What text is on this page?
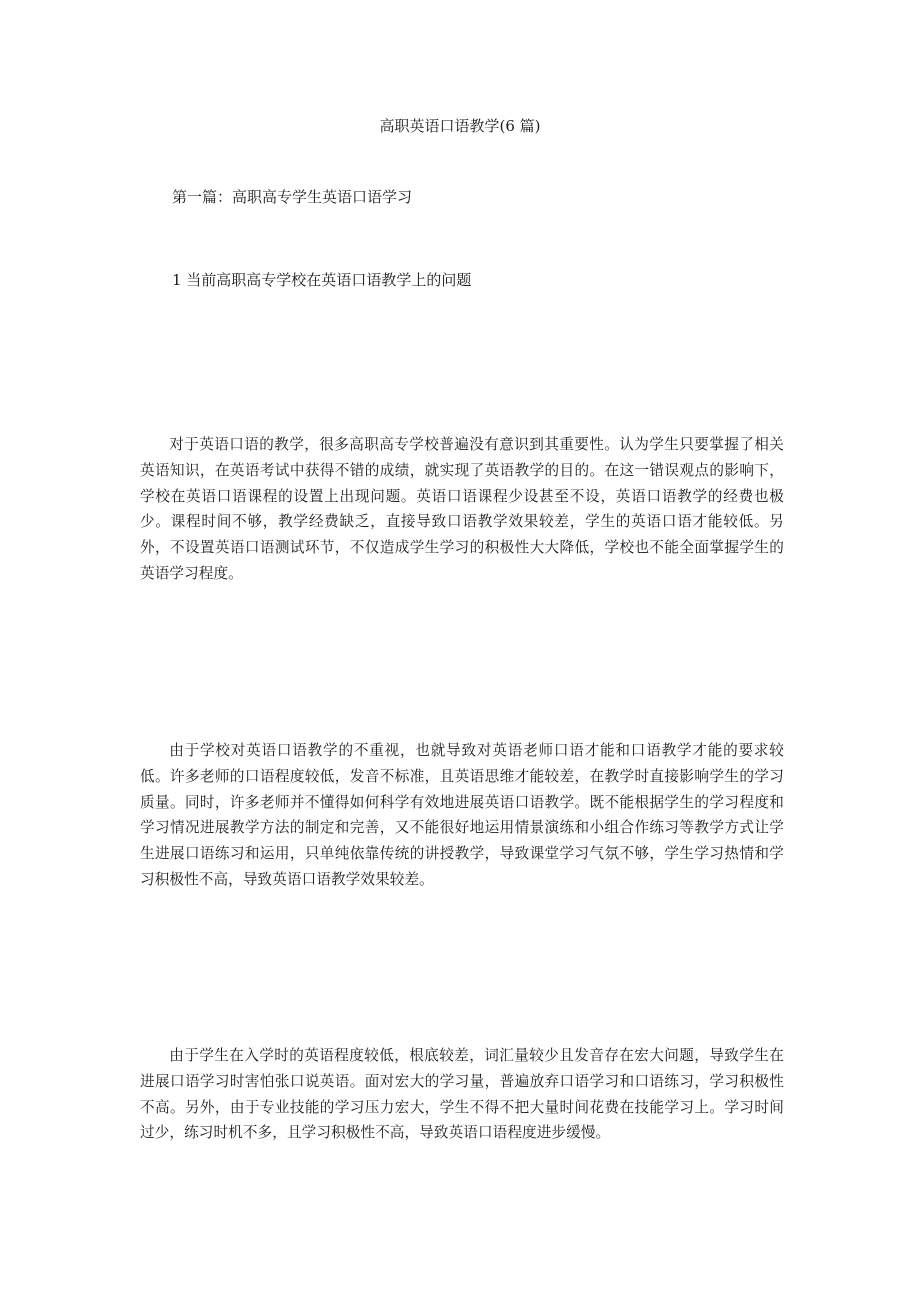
高职英语口语教学(6 篇)
第一篇：高职高专学生英语口语学习
1 当前高职高专学校在英语口语教学上的问题

对于英语口语的教学，很多高职高专学校普遍没有意识到其重要性。认为学生只要掌握了相关英语知识，在英语考试中获得不错的成绩，就实现了英语教学的目的。在这一错误观点的影响下，学校在英语口语课程的设置上出现问题。英语口语课程少设甚至不设，英语口语教学的经费也极少。课程时间不够，教学经费缺乏，直接导致口语教学效果较差，学生的英语口语才能较低。另外，不设置英语口语测试环节，不仅造成学生学习的积极性大大降低，学校也不能全面掌握学生的英语学习程度。

由于学校对英语口语教学的不重视，也就导致对英语老师口语才能和口语教学才能的要求较低。许多老师的口语程度较低，发音不标准，且英语思维才能较差，在教学时直接影响学生的学习质量。同时，许多老师并不懂得如何科学有效地进展英语口语教学。既不能根据学生的学习程度和学习情况进展教学方法的制定和完善，又不能很好地运用情景演练和小组合作练习等教学方式让学生进展口语练习和运用，只单纯依靠传统的讲授教学，导致课堂学习气氛不够，学生学习热情和学习积极性不高，导致英语口语教学效果较差。

由于学生在入学时的英语程度较低，根底较差，词汇量较少且发音存在宏大问题，导致学生在进展口语学习时害怕张口说英语。面对宏大的学习量，普遍放弃口语学习和口语练习，学习积极性不高。另外，由于专业技能的学习压力宏大，学生不得不把大量时间花费在技能学习上。学习时间过少，练习时机不多，且学习积极性不高，导致英语口语程度进步缓慢。
